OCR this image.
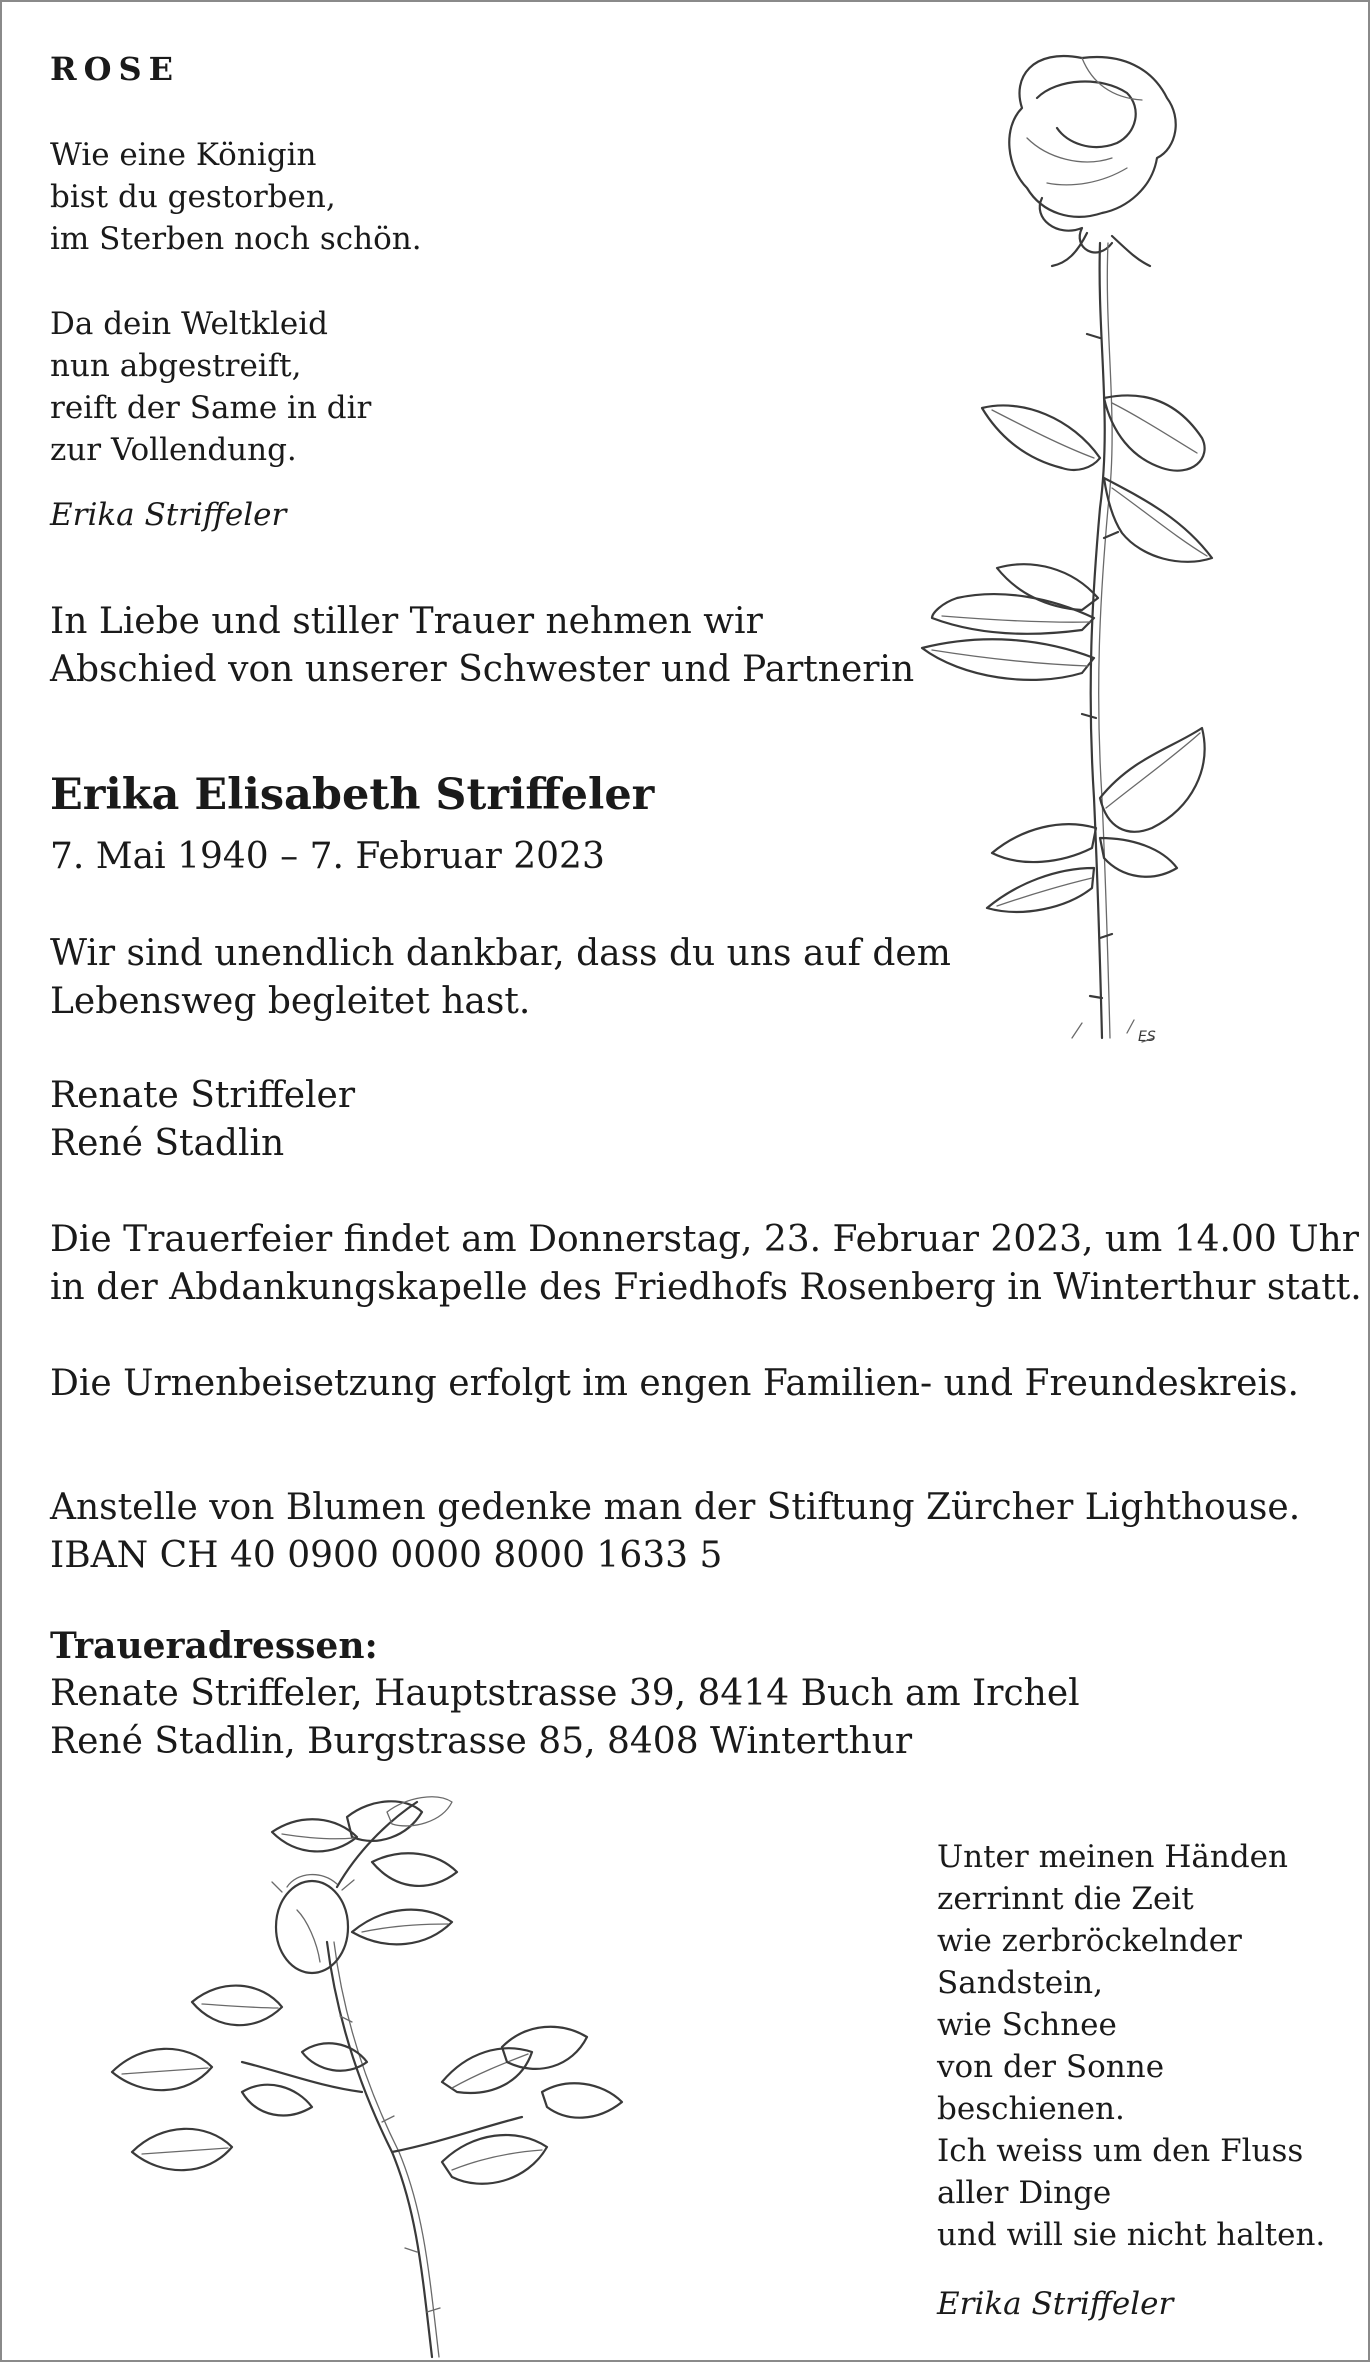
ROSE
Wie eine Königin
bist du gestorben,
im Sterben noch schön.
Da dein Weltkleid
nun abgestreift,
reift der Same in dir
zur Vollendung.
Erika Striffeler
In Liebe und stiller Trauer nehmen wir
Abschied von unserer Schwester und Partnerin
Erika Elisabeth Striffeler
7. Mai 1940 – 7. Februar 2023
Wir sind unendlich dankbar, dass du uns auf dem
Lebensweg begleitet hast.
Renate Striffeler
René Stadlin
Die Trauerfeier findet am Donnerstag, 23. Februar 2023, um 14.00 Uhr
in der Abdankungskapelle des Friedhofs Rosenberg in Winterthur statt.
Die Urnenbeisetzung erfolgt im engen Familien- und Freundeskreis.
Anstelle von Blumen gedenke man der Stiftung Zürcher Lighthouse.
IBAN CH 40 0900 0000 8000 1633 5
Traueradressen:
Renate Striffeler, Hauptstrasse 39, 8414 Buch am Irchel
René Stadlin, Burgstrasse 85, 8408 Winterthur
Unter meinen Händen
zerrinnt die Zeit
wie zerbröckelnder
Sandstein,
wie Schnee
von der Sonne
beschienen.
Ich weiss um den Fluss
aller Dinge
und will sie nicht halten.
Erika Striffeler
ES
